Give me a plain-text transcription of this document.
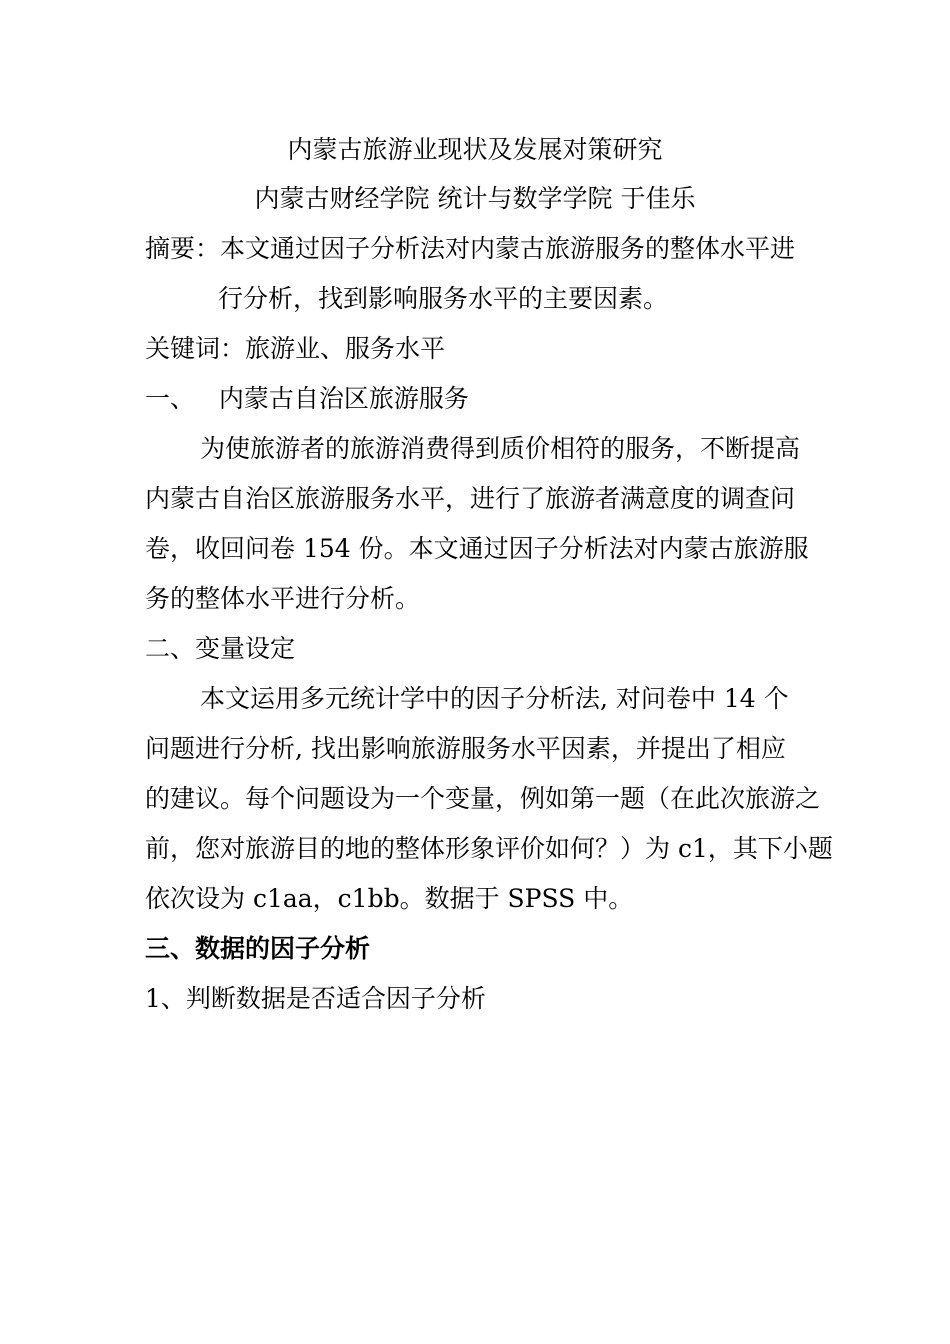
内蒙古旅游业现状及发展对策研究
内蒙古财经学院 统计与数学学院 于佳乐
摘要：本文通过因子分析法对内蒙古旅游服务的整体水平进
行分析，找到影响服务水平的主要因素。
关键词：旅游业、服务水平
一、   内蒙古自治区旅游服务
为使旅游者的旅游消费得到质价相符的服务，不断提高
内蒙古自治区旅游服务水平，进行了旅游者满意度的调查问
卷，收回问卷 154 份。本文通过因子分析法对内蒙古旅游服
务的整体水平进行分析。
二、变量设定
本文运用多元统计学中的因子分析法, 对问卷中 14 个
问题进行分析, 找出影响旅游服务水平因素，并提出了相应
的建议。每个问题设为一个变量，例如第一题（在此次旅游之
前，您对旅游目的地的整体形象评价如何？）为 c1，其下小题
依次设为 c1aa，c1bb。数据于 SPSS 中。
三、数据的因子分析
1、判断数据是否适合因子分析
